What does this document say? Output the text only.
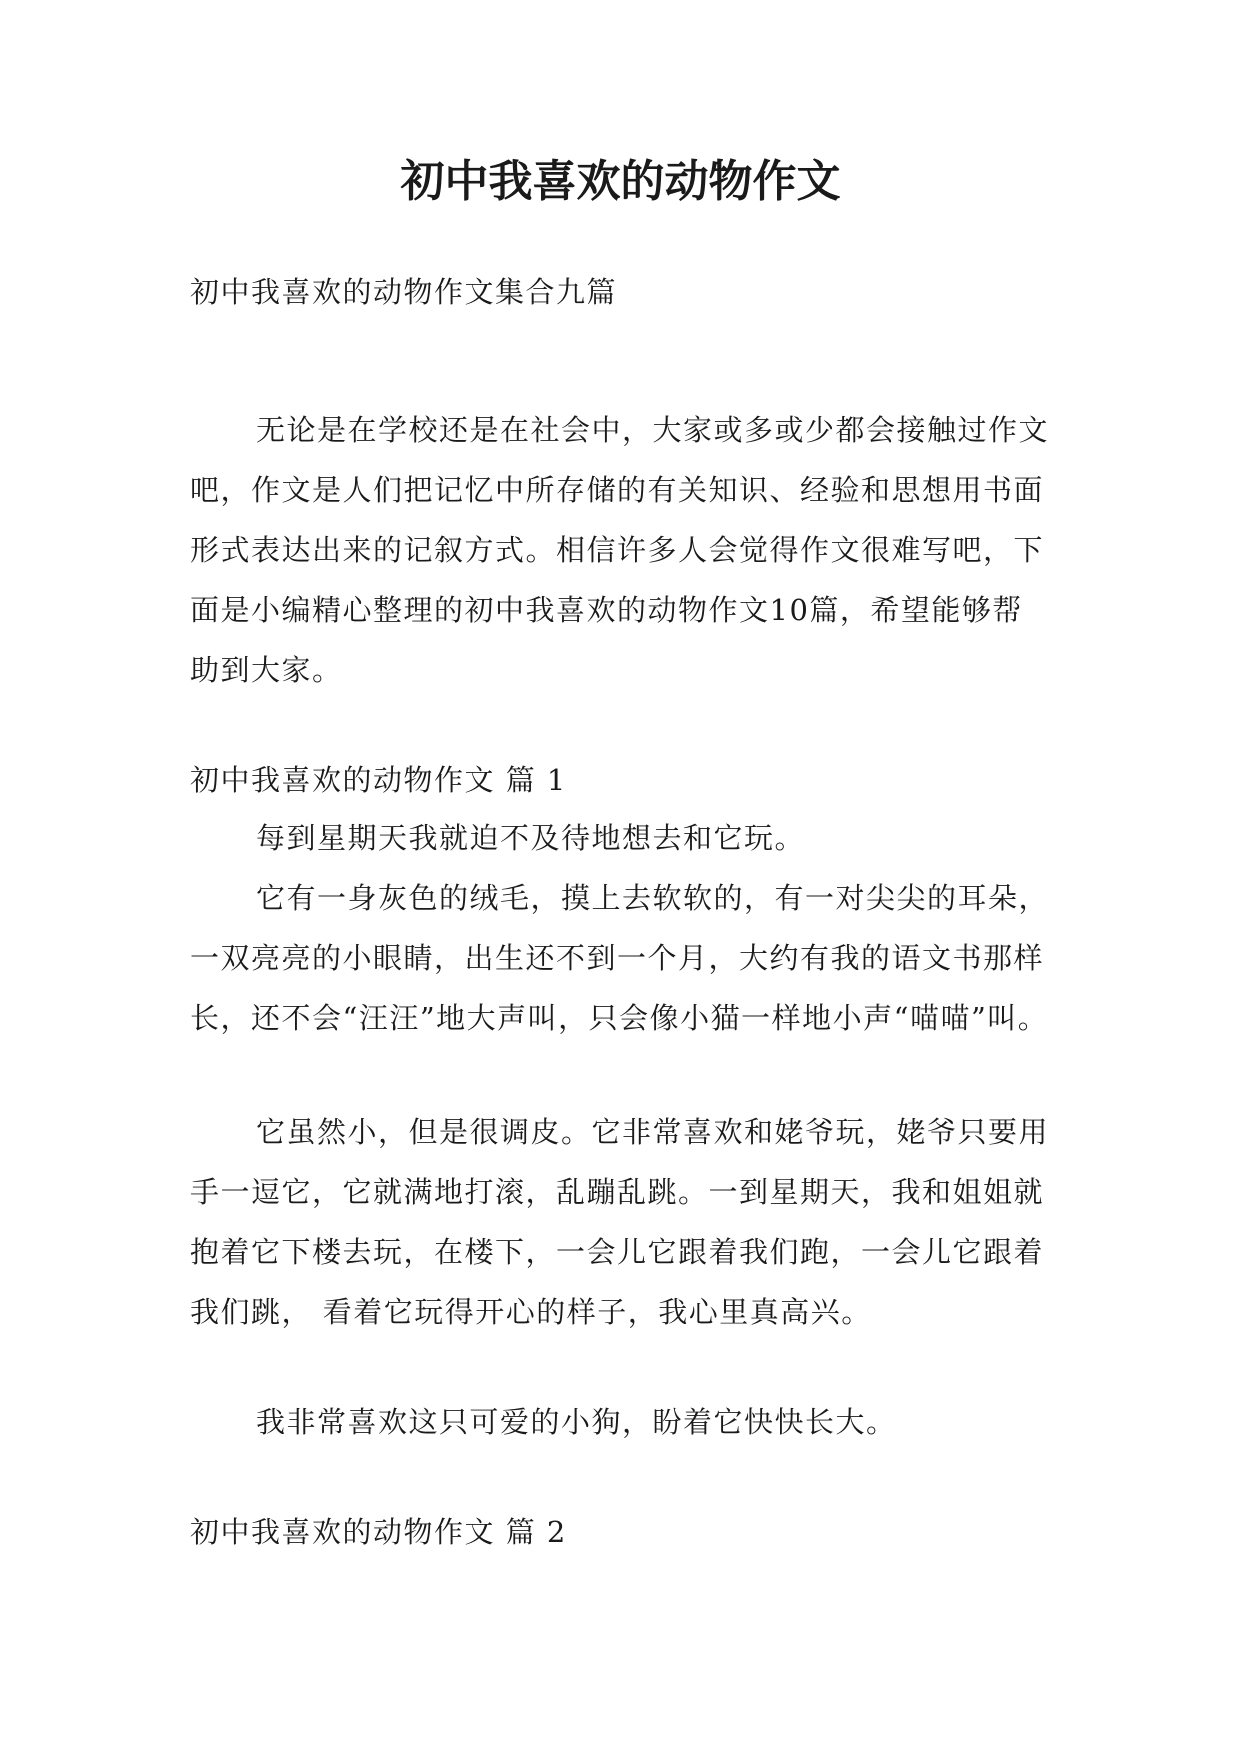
初中我喜欢的动物作文

初中我喜欢的动物作文集合九篇

无论是在学校还是在社会中，大家或多或少都会接触过作文吧，作文是人们把记忆中所存储的有关知识、经验和思想用书面形式表达出来的记叙方式。相信许多人会觉得作文很难写吧，下面是小编精心整理的初中我喜欢的动物作文10篇，希望能够帮助到大家。

初中我喜欢的动物作文 篇 1

每到星期天我就迫不及待地想去和它玩。

它有一身灰色的绒毛，摸上去软软的，有一对尖尖的耳朵，一双亮亮的小眼睛，出生还不到一个月，大约有我的语文书那样长，还不会“汪汪”地大声叫，只会像小猫一样地小声“喵喵”叫。

它虽然小，但是很调皮。它非常喜欢和姥爷玩，姥爷只要用手一逗它，它就满地打滚，乱蹦乱跳。一到星期天，我和姐姐就抱着它下楼去玩，在楼下，一会儿它跟着我们跑，一会儿它跟着我们跳， 看着它玩得开心的样子，我心里真高兴。

我非常喜欢这只可爱的小狗，盼着它快快长大。

初中我喜欢的动物作文 篇 2
